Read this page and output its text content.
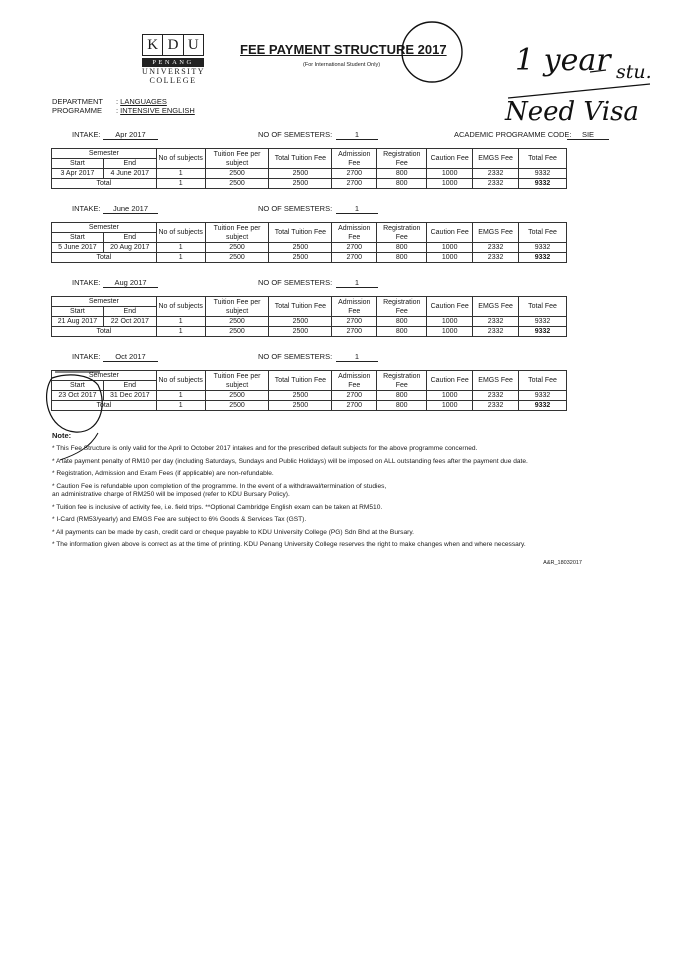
K D U
PENANG
UNIVERSITY
COLLEGE
FEE PAYMENT STRUCTURE 2017
(For International Student Only)
DEPARTMENT : LANGUAGES
PROGRAMME : INTENSIVE ENGLISH
INTAKE:	Apr 2017	NO OF SEMESTERS:	1	ACADEMIC PROGRAMME CODE:	SIE
Semester		No of subjects	Tuition Fee per subject	Total Tuition Fee	Admission Fee	Registration Fee	Caution Fee	EMGS Fee	Total Fee
Start	End								
3 Apr 2017	4 June 2017	1	2500	2500	2700	800	1000	2332	9332
Total		1	2500	2500	2700	800	1000	2332	9332
INTAKE:	June 2017	NO OF SEMESTERS:	1
Semester		No of subjects	Tuition Fee per subject	Total Tuition Fee	Admission Fee	Registration Fee	Caution Fee	EMGS Fee	Total Fee
Start	End								
5 June 2017	20 Aug 2017	1	2500	2500	2700	800	1000	2332	9332
Total		1	2500	2500	2700	800	1000	2332	9332
INTAKE:	Aug 2017	NO OF SEMESTERS:	1
Semester		No of subjects	Tuition Fee per subject	Total Tuition Fee	Admission Fee	Registration Fee	Caution Fee	EMGS Fee	Total Fee
Start	End								
21 Aug 2017	22 Oct 2017	1	2500	2500	2700	800	1000	2332	9332
Total		1	2500	2500	2700	800	1000	2332	9332
INTAKE:	Oct 2017	NO OF SEMESTERS:	1
Semester		No of subjects	Tuition Fee per subject	Total Tuition Fee	Admission Fee	Registration Fee	Caution Fee	EMGS Fee	Total Fee
Start	End								
23 Oct 2017	31 Dec 2017	1	2500	2500	2700	800	1000	2332	9332
Total		1	2500	2500	2700	800	1000	2332	9332
Note:
* This Fee Structure is only valid for the April to October 2017 intakes and for the prescribed default subjects for the above programme concerned.
* A late payment penalty of RM10 per day (including Saturdays, Sundays and Public Holidays) will be imposed on ALL outstanding fees after the payment due date.
* Registration, Admission and Exam Fees (if applicable) are non-refundable.
* Caution Fee is refundable upon completion of the programme. In the event of a withdrawal/termination of studies, an administrative charge of RM250 will be imposed (refer to KDU Bursary Policy).
* Tuition fee is inclusive of activity fee, i.e. field trips. **Optional Cambridge English exam can be taken at RM510.
* I-Card (RM53/yearly) and EMGS Fee are subject to 6% Goods & Services Tax (GST).
* All payments can be made by cash, credit card or cheque payable to KDU University College (PG) Sdn Bhd at the Bursary.
* The information given above is correct as at the time of printing. KDU Penang University College reserves the right to make changes when and where necessary.
A&R_18032017
1 year stu.
Need Visa
